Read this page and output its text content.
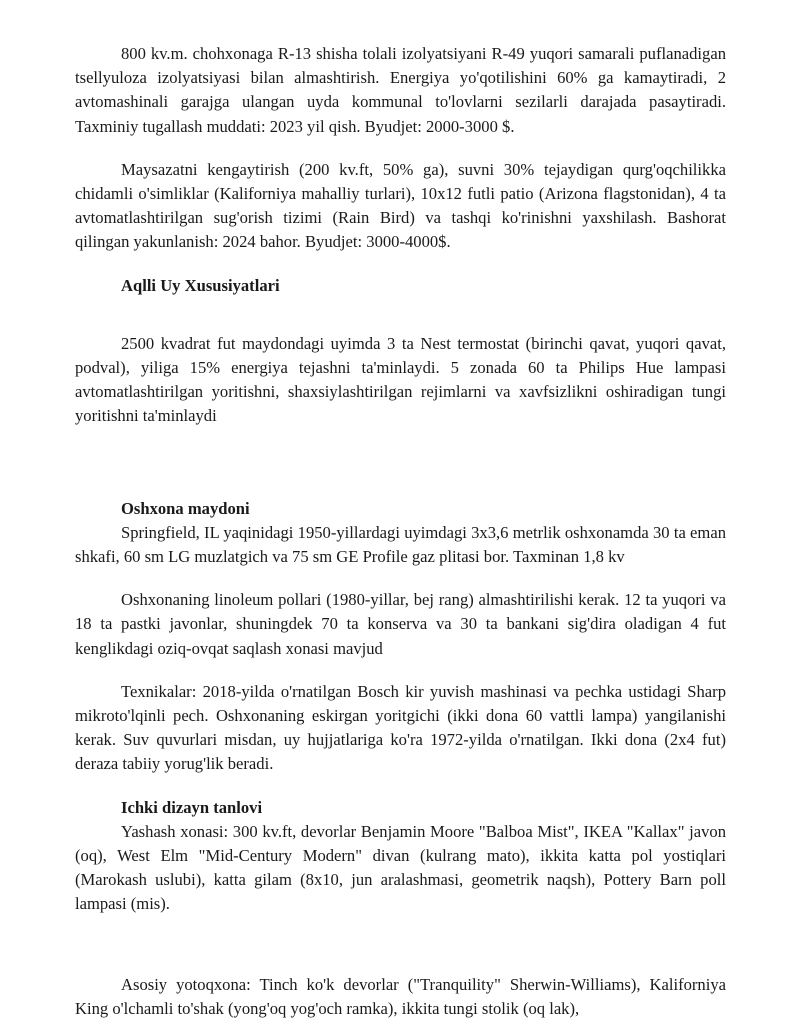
800 kv.m. chohxonaga R-13 shisha tolali izolyatsiyani R-49 yuqori samarali puflanadigan tsellyuloza izolyatsiyasi bilan almashtirish. Energiya yo'qotilishini 60% ga kamaytiradi, 2 avtomashinali garajga ulangan uyda kommunal to'lovlarni sezilarli darajada pasaytiradi. Taxminiy tugallash muddati: 2023 yil qish. Byudjet: 2000-3000 $.

Maysazatni kengaytirish (200 kv.ft, 50% ga), suvni 30% tejaydigan qurg'oqchilikka chidamli o'simliklar (Kaliforniya mahalliy turlari), 10x12 futli patio (Arizona flagstonidan), 4 ta avtomatlashtirilgan sug'orish tizimi (Rain Bird) va tashqi ko'rinishni yaxshilash. Bashorat qilingan yakunlanish: 2024 bahor. Byudjet: 3000-4000$.

Aqlli Uy Xususiyatlari

2500 kvadrat fut maydondagi uyimda 3 ta Nest termostat (birinchi qavat, yuqori qavat, podval), yiliga 15% energiya tejashni ta'minlaydi. 5 zonada 60 ta Philips Hue lampasi avtomatlashtirilgan yoritishni, shaxsiylashtirilgan rejimlarni va xavfsizlikni oshiradigan tungi yoritishni ta'minlaydi

Oshxona maydoni

Springfield, IL yaqinidagi 1950-yillardagi uyimdagi 3x3,6 metrlik oshxonamda 30 ta eman shkafi, 60 sm LG muzlatgich va 75 sm GE Profile gaz plitasi bor. Taxminan 1,8 kv

Oshxonaning linoleum pollari (1980-yillar, bej rang) almashtirilishi kerak. 12 ta yuqori va 18 ta pastki javonlar, shuningdek 70 ta konserva va 30 ta bankani sig'dira oladigan 4 fut kenglikdagi oziq-ovqat saqlash xonasi mavjud

Texnikalar: 2018-yilda o'rnatilgan Bosch kir yuvish mashinasi va pechka ustidagi Sharp mikroto'lqinli pech. Oshxonaning eskirgan yoritgichi (ikki dona 60 vattli lampa) yangilanishi kerak. Suv quvurlari misdan, uy hujjatlariga ko'ra 1972-yilda o'rnatilgan. Ikki dona (2x4 fut) deraza tabiiy yorug'lik beradi.

Ichki dizayn tanlovi

Yashash xonasi: 300 kv.ft, devorlar Benjamin Moore "Balboa Mist", IKEA "Kallax" javon (oq), West Elm "Mid-Century Modern" divan (kulrang mato), ikkita katta pol yostiqlari (Marokash uslubi), katta gilam (8x10, jun aralashmasi, geometrik naqsh), Pottery Barn poll lampasi (mis).

Asosiy yotoqxona: Tinch ko'k devorlar ("Tranquility" Sherwin-Williams), Kaliforniya King o'lchamli to'shak (yong'oq yog'och ramka), ikkita tungi stolik (oq lak),
